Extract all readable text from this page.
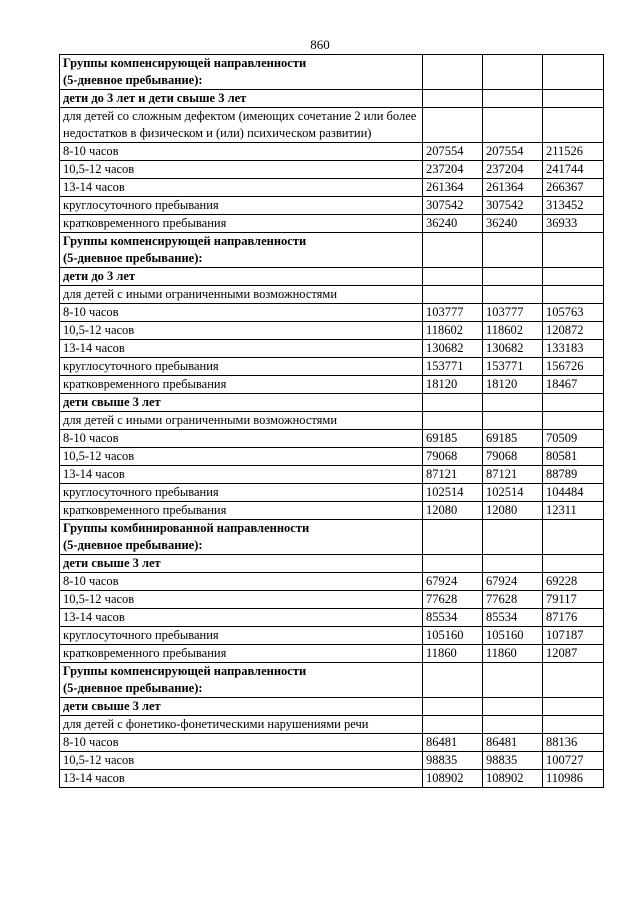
860
Группы компенсирующей направленности
(5-дневное пребывание):			
дети до 3 лет и дети свыше 3 лет			
для детей со сложным дефектом (имеющих сочетание 2 или более недостатков в физическом и (или) психическом развитии)			
8-10 часов	207554	207554	211526
10,5-12 часов	237204	237204	241744
13-14 часов	261364	261364	266367
круглосуточного пребывания	307542	307542	313452
кратковременного пребывания	36240	36240	36933
Группы компенсирующей направленности
(5-дневное пребывание):			
дети до 3 лет			
для детей с иными ограниченными возможностями			
8-10 часов	103777	103777	105763
10,5-12 часов	118602	118602	120872
13-14 часов	130682	130682	133183
круглосуточного пребывания	153771	153771	156726
кратковременного пребывания	18120	18120	18467
дети свыше 3 лет			
для детей с иными ограниченными возможностями			
8-10 часов	69185	69185	70509
10,5-12 часов	79068	79068	80581
13-14 часов	87121	87121	88789
круглосуточного пребывания	102514	102514	104484
кратковременного пребывания	12080	12080	12311
Группы комбинированной направленности
(5-дневное пребывание):			
дети свыше 3 лет			
8-10 часов	67924	67924	69228
10,5-12 часов	77628	77628	79117
13-14 часов	85534	85534	87176
круглосуточного пребывания	105160	105160	107187
кратковременного пребывания	11860	11860	12087
Группы компенсирующей направленности
(5-дневное пребывание):			
дети свыше 3 лет			
для детей с фонетико-фонетическими нарушениями речи			
8-10 часов	86481	86481	88136
10,5-12 часов	98835	98835	100727
13-14 часов	108902	108902	110986
